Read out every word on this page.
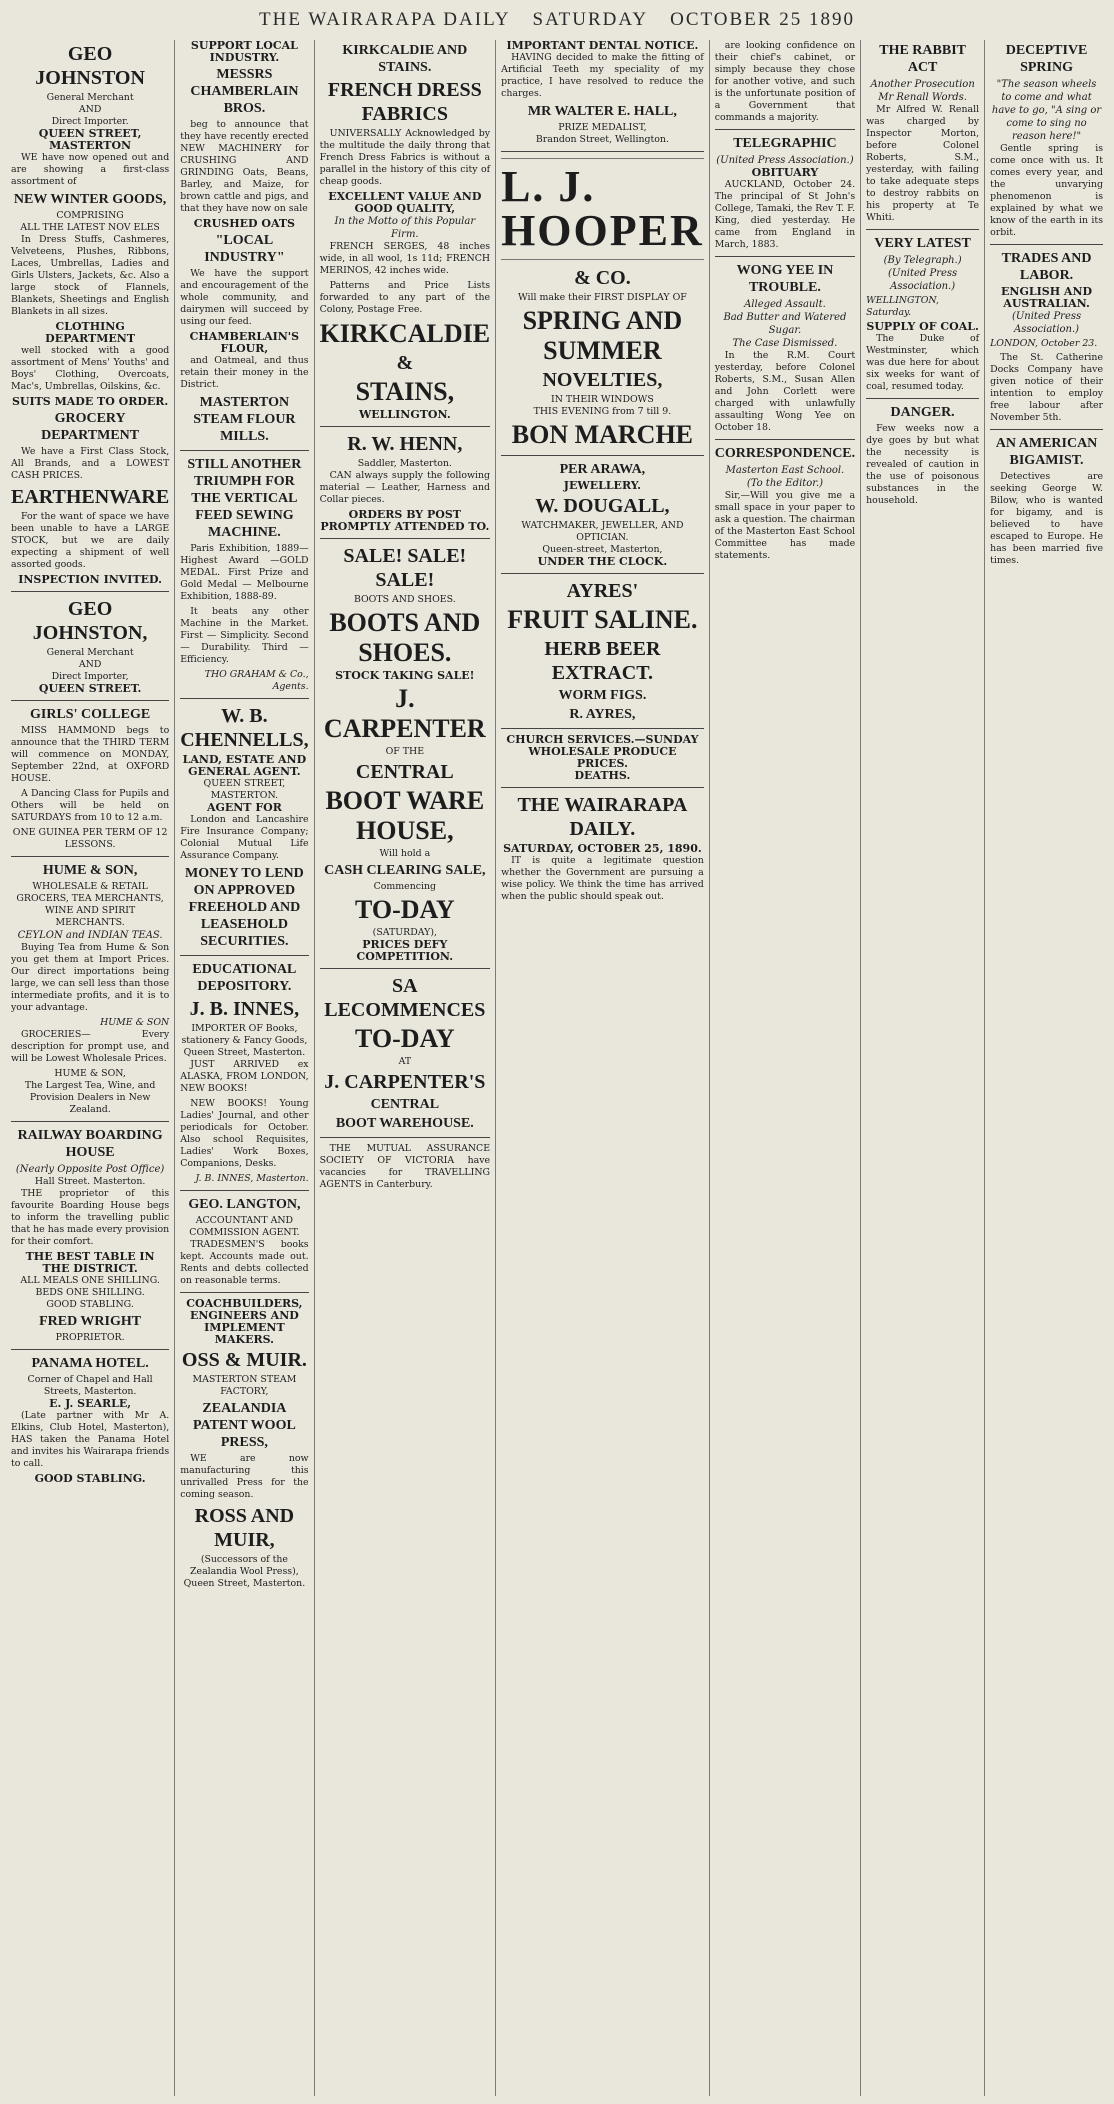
THE WAIRARAPA DAILY SATURDAY OCTOBER 25 1890
GEO JOHNSTON
General Merchant
AND
Direct Importer.
QUEEN STREET, MASTERTON

WE have now opened out and are showing a first-class assortment of

NEW WINTER GOODS,
COMPRISING
ALL THE LATEST NOV ELES

In Dress Stuffs, Cashmeres, Velveteens, Plushes, Ribbons, Laces, Umbrellas, Ladies and Girls Ulsters, Jackets, &c. Also a large stock of Flannels, Blankets, Sheetings and English Blankets in all sizes.

CLOTHING DEPARTMENT

well stocked with a good assortment of Mens' Youths' and Boys' Clothing, Overcoats, Mac's, Umbrellas, Oilskins, &c.

SUITS MADE TO ORDER.
GROCERY DEPARTMENT

We have a First Class Stock, All Brands, and a LOWEST CASH PRICES.

EARTHENWARE

For the want of space we have been unable to have a LARGE STOCK, but we are daily expecting a shipment of well assorted goods.

INSPECTION INVITED.
GEO JOHNSTON,
General Merchant
AND
Direct Importer,
QUEEN STREET.
GIRLS' COLLEGE

MISS HAMMOND begs to announce that the THIRD TERM will commence on MONDAY, September 22nd, at OXFORD HOUSE.

A Dancing Class for Pupils and Others will be held on SATURDAYS from 10 to 12 a.m.

ONE GUINEA PER TERM OF 12 LESSONS.
HUME & SON,
WHOLESALE & RETAIL GROCERS, TEA MERCHANTS, WINE AND SPIRIT MERCHANTS.
CEYLON and INDIAN TEAS.

Buying Tea from Hume & Son you get them at Import Prices. Our direct importations being large, we can sell less than those intermediate profits, and it is to your advantage.

HUME & SON

GROCERIES— Every description for prompt use, and will be Lowest Wholesale Prices.

HUME & SON,
The Largest Tea, Wine, and Provision Dealers in New Zealand.
RAILWAY BOARDING HOUSE
(Nearly Opposite Post Office)
Hall Street. Masterton.

THE proprietor of this favourite Boarding House begs to inform the travelling public that he has made every provision for their comfort.

THE BEST TABLE IN THE DISTRICT.
ALL MEALS ONE SHILLING. BEDS ONE SHILLING.
GOOD STABLING.
FRED WRIGHT
PROPRIETOR.
PANAMA HOTEL.
Corner of Chapel and Hall Streets, Masterton.
E. J. SEARLE,

(Late partner with Mr A. Elkins, Club Hotel, Masterton), HAS taken the Panama Hotel and invites his Wairarapa friends to call.

GOOD STABLING.
SUPPORT LOCAL INDUSTRY.
MESSRS CHAMBERLAIN BROS.

beg to announce that they have recently erected NEW MACHINERY for CRUSHING AND GRINDING Oats, Beans, Barley, and Maize, for brown cattle and pigs, and that they have now on sale

CRUSHED OATS
"LOCAL INDUSTRY"

We have the support and encouragement of the whole community, and dairymen will succeed by using our feed.

CHAMBERLAIN'S FLOUR,

and Oatmeal, and thus retain their money in the District.

MASTERTON STEAM FLOUR MILLS.
STILL ANOTHER TRIUMPH FOR THE VERTICAL FEED SEWING MACHINE.

Paris Exhibition, 1889—Highest Award —GOLD MEDAL. First Prize and Gold Medal — Melbourne Exhibition, 1888-89.

It beats any other Machine in the Market. First — Simplicity. Second — Durability. Third — Efficiency.

THO GRAHAM & Co., Agents.
W. B. CHENNELLS,
LAND, ESTATE AND GENERAL AGENT.
QUEEN STREET, MASTERTON.
AGENT FOR

London and Lancashire Fire Insurance Company; Colonial Mutual Life Assurance Company.

MONEY TO LEND ON APPROVED FREEHOLD AND LEASEHOLD SECURITIES.
EDUCATIONAL DEPOSITORY.
J. B. INNES,
IMPORTER OF Books, stationery & Fancy Goods,
Queen Street, Masterton.

JUST ARRIVED ex ALASKA, FROM LONDON, NEW BOOKS!

NEW BOOKS! Young Ladies' Journal, and other periodicals for October. Also school Requisites, Ladies' Work Boxes, Companions, Desks.

J. B. INNES, Masterton.
GEO. LANGTON,
ACCOUNTANT AND COMMISSION AGENT.

TRADESMEN'S books kept. Accounts made out. Rents and debts collected on reasonable terms.

COACHBUILDERS, ENGINEERS AND IMPLEMENT MAKERS.
OSS & MUIR.
MASTERTON STEAM FACTORY,
ZEALANDIA PATENT WOOL PRESS,

WE are now manufacturing this unrivalled Press for the coming season.

ROSS AND MUIR,
(Successors of the Zealandia Wool Press), Queen Street, Masterton.
KIRKCALDIE AND STAINS.
FRENCH DRESS FABRICS

UNIVERSALLY Acknowledged by the multitude the daily throng that French Dress Fabrics is without a parallel in the history of this city of cheap goods.

EXCELLENT VALUE AND GOOD QUALITY,
In the Motto of this Popular Firm.

FRENCH SERGES, 48 inches wide, in all wool, 1s 11d; FRENCH MERINOS, 42 inches wide.

Patterns and Price Lists forwarded to any part of the Colony, Postage Free.

KIRKCALDIE
&
STAINS,
WELLINGTON.
R. W. HENN,
Saddler, Masterton.

CAN always supply the following material — Leather, Harness and Collar pieces.

ORDERS BY POST PROMPTLY ATTENDED TO.
SALE! SALE! SALE!
BOOTS AND SHOES.
BOOTS AND SHOES.
STOCK TAKING SALE!
J. CARPENTER
OF THE
CENTRAL
BOOT WARE HOUSE,
Will hold a
CASH CLEARING SALE,
Commencing
TO-DAY
(SATURDAY),
PRICES DEFY COMPETITION.
SA LECOMMENCES
TO-DAY
AT
J. CARPENTER'S
CENTRAL
BOOT WAREHOUSE.

THE MUTUAL ASSURANCE SOCIETY OF VICTORIA have vacancies for TRAVELLING AGENTS in Canterbury.

IMPORTANT DENTAL NOTICE.

HAVING decided to make the fitting of Artificial Teeth my speciality of my practice, I have resolved to reduce the charges.

MR WALTER E. HALL,
PRIZE MEDALIST,
Brandon Street, Wellington.
L. J. HOOPER
& CO.
Will make their FIRST DISPLAY OF
SPRING AND SUMMER
NOVELTIES,
IN THEIR WINDOWS
THIS EVENING from 7 till 9.
BON MARCHE
PER ARAWA,
JEWELLERY.
W. DOUGALL,
WATCHMAKER, JEWELLER, AND OPTICIAN.
Queen-street, Masterton,
UNDER THE CLOCK.
AYRES'
FRUIT SALINE.
HERB BEER EXTRACT.
WORM FIGS.
R. AYRES,
CHURCH SERVICES.—SUNDAY
WHOLESALE PRODUCE PRICES.
DEATHS.
THE WAIRARAPA DAILY.
SATURDAY, OCTOBER 25, 1890.

IT is quite a legitimate question whether the Government are pursuing a wise policy. We think the time has arrived when the public should speak out.

are looking confidence on their chief's cabinet, or simply because they chose for another votive, and such is the unfortunate position of a Government that commands a majority.

TELEGRAPHIC
(United Press Association.)
OBITUARY

AUCKLAND, October 24. The principal of St John's College, Tamaki, the Rev T. F. King, died yesterday. He came from England in March, 1883.

WONG YEE IN TROUBLE.
Alleged Assault.
Bad Butter and Watered Sugar.
The Case Dismissed.

In the R.M. Court yesterday, before Colonel Roberts, S.M., Susan Allen and John Corlett were charged with unlawfully assaulting Wong Yee on October 18.

CORRESPONDENCE.
Masterton East School.
(To the Editor.)

Sir,—Will you give me a small space in your paper to ask a question. The chairman of the Masterton East School Committee has made statements.

THE RABBIT ACT
Another Prosecution
Mr Renall Words.

Mr Alfred W. Renall was charged by Inspector Morton, before Colonel Roberts, S.M., yesterday, with failing to take adequate steps to destroy rabbits on his property at Te Whiti.

VERY LATEST
(By Telegraph.)
(United Press Association.)
WELLINGTON, Saturday.
SUPPLY OF COAL.

The Duke of Westminster, which was due here for about six weeks for want of coal, resumed today.

DANGER.

Few weeks now a dye goes by but what the necessity is revealed of caution in the use of poisonous substances in the household.

DECEPTIVE SPRING
"The season wheels to come and what have to go, "A sing or come to sing no reason here!"

Gentle spring is come once with us. It comes every year, and the unvarying phenomenon is explained by what we know of the earth in its orbit.

TRADES AND LABOR.
ENGLISH AND AUSTRALIAN.
(United Press Association.)
LONDON, October 23.

The St. Catherine Docks Company have given notice of their intention to employ free labour after November 5th.

AN AMERICAN BIGAMIST.

Detectives are seeking George W. Bilow, who is wanted for bigamy, and is believed to have escaped to Europe. He has been married five times.
